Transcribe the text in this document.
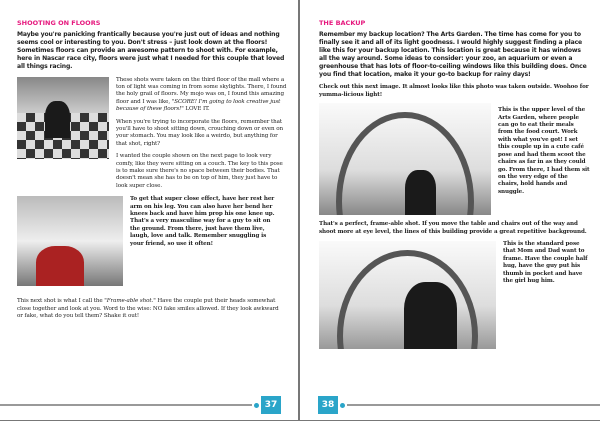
SHOOTING ON FLOORS
Maybe you're panicking frantically because you're just out of ideas and nothing seems cool or interesting to you. Don't stress – just look down at the floors! Sometimes floors can provide an awesome pattern to shoot with. For example, here in Nascar race city, floors were just what I needed for this couple that loved all things racing.
These shots were taken on the third floor of the mall where a ton of light was coming in from some skylights. There, I found the holy grail of floors. My mojo was on, I found this amazing floor and I was like, "SCORE! I'm going to look creative just because of these floors!" LOVE IT.
When you're trying to incorporate the floors, remember that you'll have to shoot sitting down, crouching down or even on your stomach. You may look like a weirdo, but anything for that shot, right?
I wanted the couple shown on the next page to look very comfy, like they were sitting on a couch. The key to this pose is to make sure there's no space between their bodies. That doesn't mean she has to be on top of him, they just have to look super close.
To get that super close effect, have her rest her arm on his leg. You can also have her bend her knees back and have him prop his one knee up. That's a very masculine way for a guy to sit on the ground. From there, just have them live, laugh, love and talk. Remember snuggling is your friend, so use it often!
This next shot is what I call the "Frame-able shot." Have the couple put their heads somewhat close together and look at you. Word to the wise: NO fake smiles allowed. If they look awkward or fake, what do you tell them? Shake it out!
37
THE BACKUP
Remember my backup location? The Arts Garden. The time has come for you to finally see it and all of its light goodness. I would highly suggest finding a place like this for your backup location. This location is great because it has windows all the way around. Some ideas to consider: your zoo, an aquarium or even a greenhouse that has lots of floor-to-ceiling windows like this building does. Once you find that location, make it your go-to backup for rainy days!
Check out this next image. It almost looks like this photo was taken outside. Woohoo for yumma-licious light!
This is the upper level of the Arts Garden, where people can go to eat their meals from the food court. Work with what you've got! I set this couple up in a cute café pose and had them scoot the chairs as far in as they could go. From there, I had them sit on the very edge of the chairs, hold hands and snuggle.
That's a perfect, frame-able shot. If you move the table and chairs out of the way and shoot more at eye level, the lines of this building provide a great repetitive background.
This is the standard pose that Mom and Dad want to frame. Have the couple half hug, have the guy put his thumb in pocket and have the girl hug him.
38
